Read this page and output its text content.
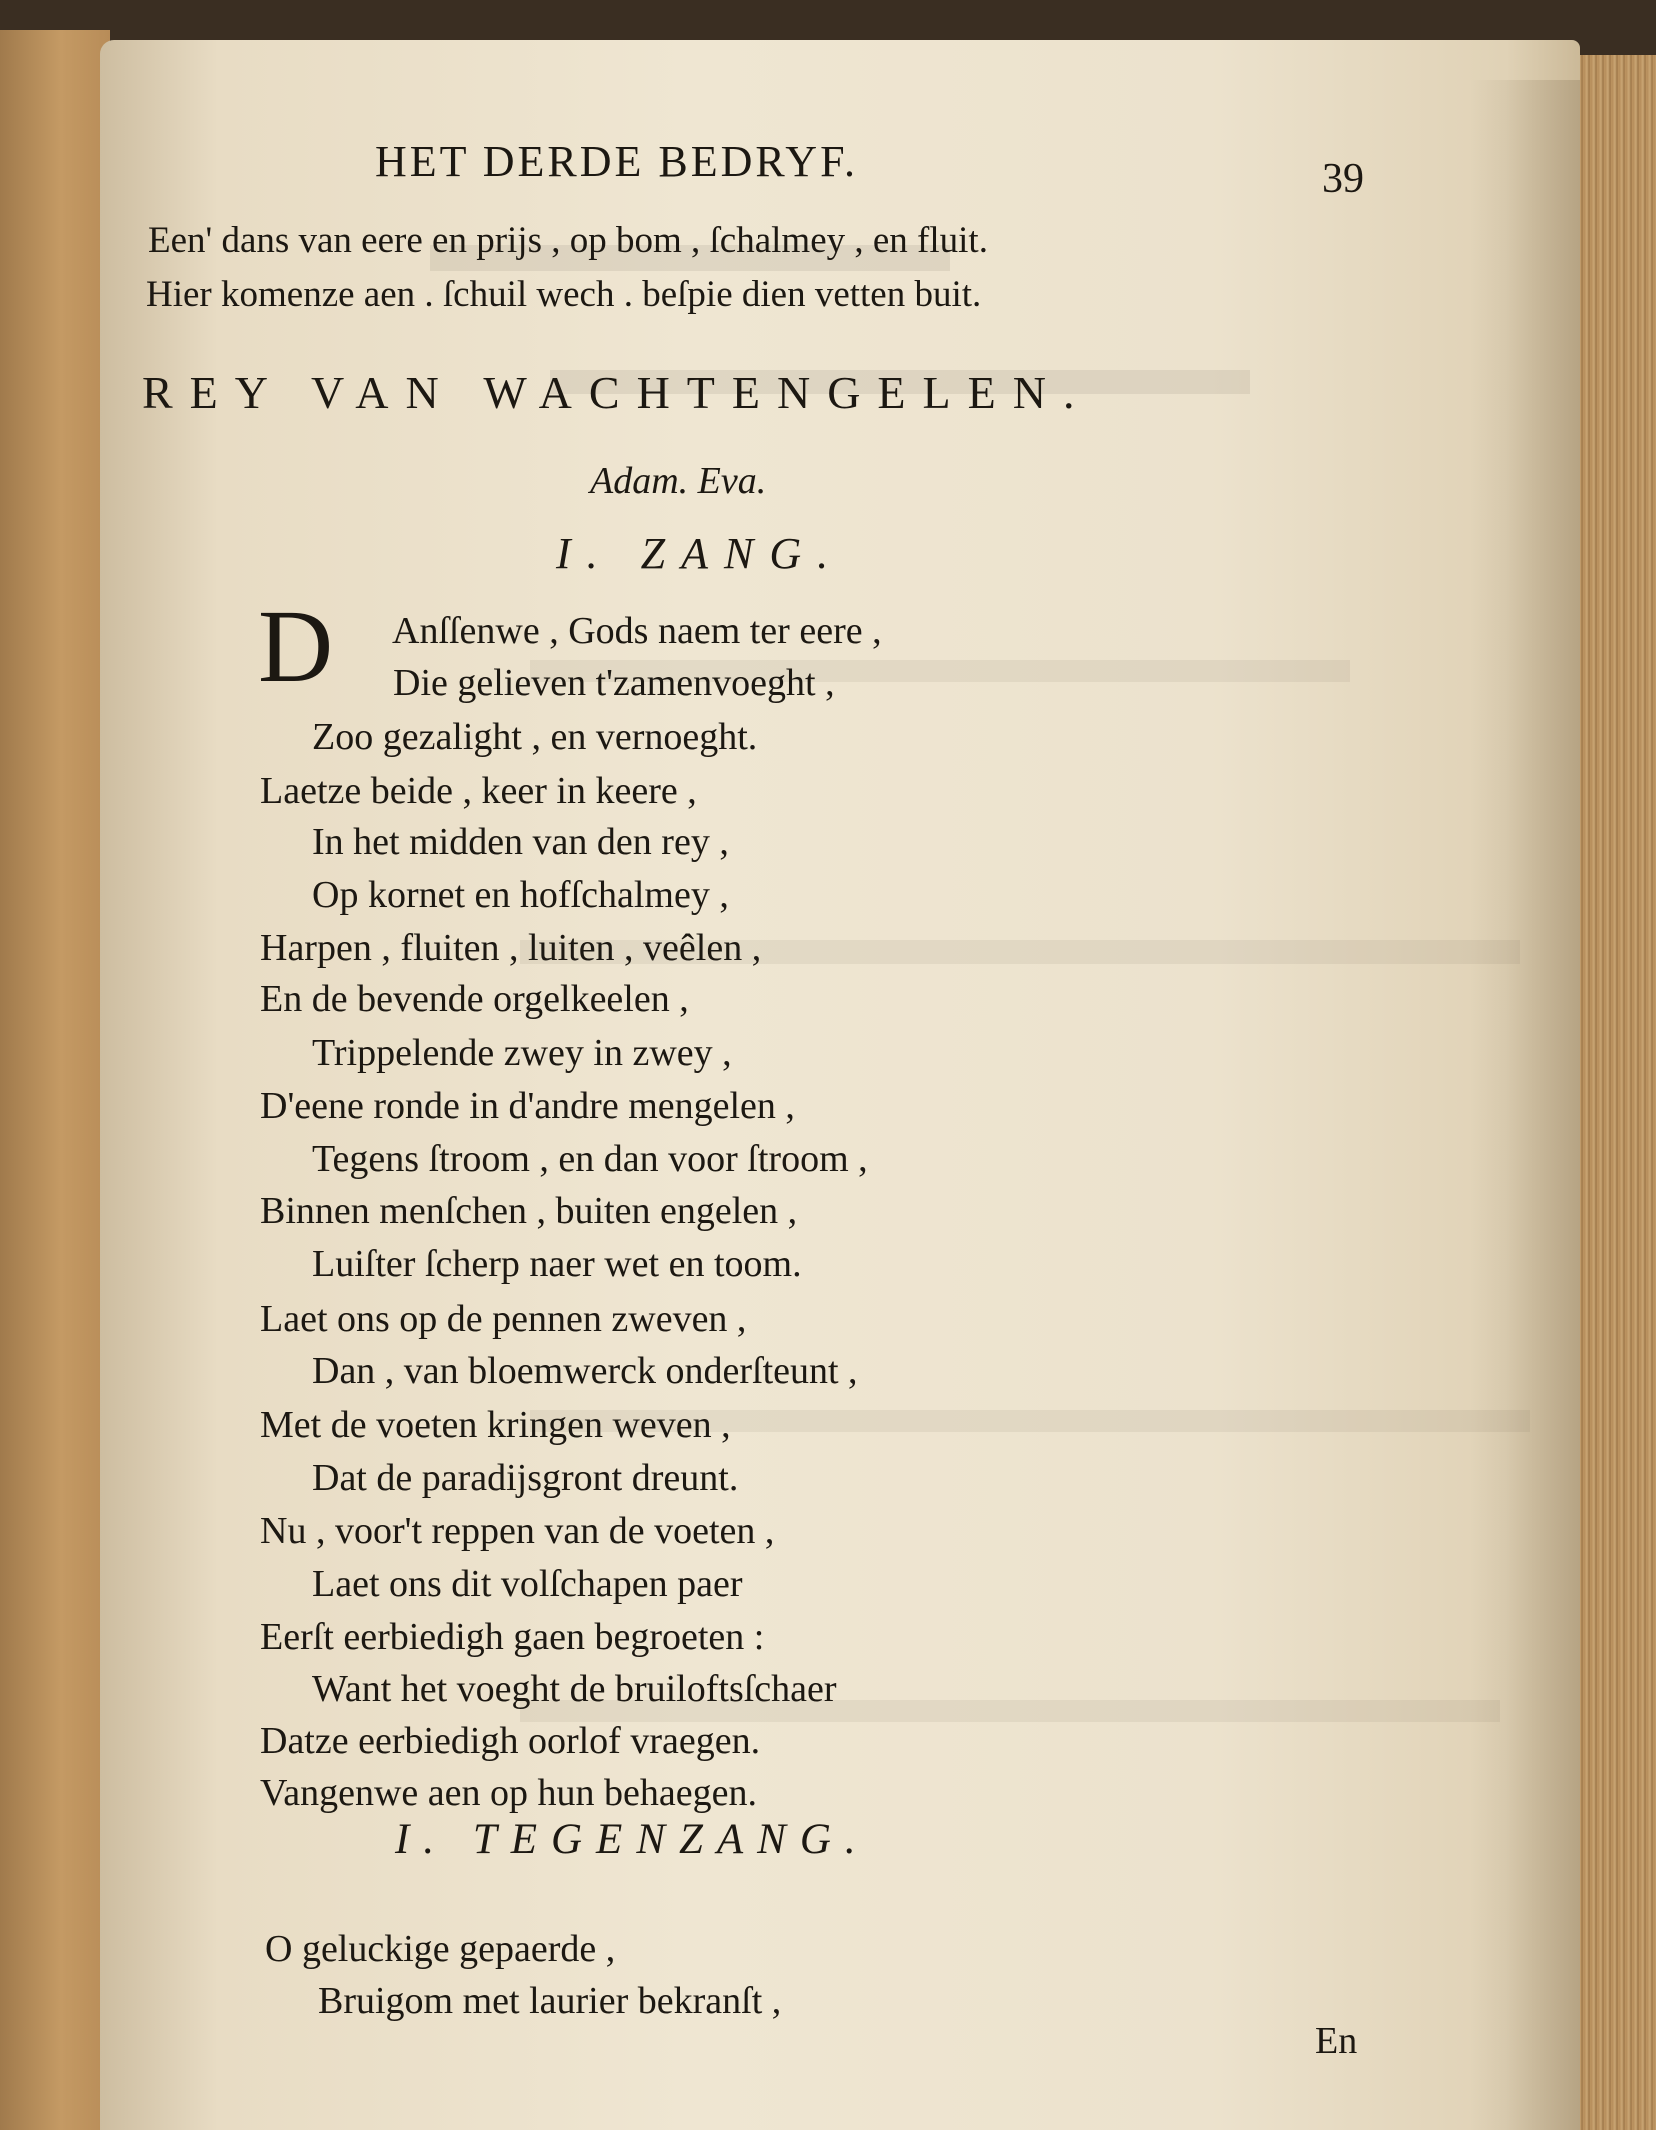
HET DERDE BEDRYF.	39
Een' dans van eere en prijs , op bom , ſchalmey , en fluit.
Hier komenze aen . ſchuil wech . beſpie dien vetten buit.
REY VAN WACHTENGELEN.
Adam. Eva.
I. ZANG.
D Anſſenwe , Gods naem ter eere ,
Die gelieven t'zamenvoeght ,
Zoo gezalight , en vernoeght.
Laetze beide , keer in keere ,
In het midden van den rey ,
Op kornet en hofſchalmey ,
Harpen , fluiten , luiten , veêlen ,
En de bevende orgelkeelen ,
Trippelende zwey in zwey ,
D'eene ronde in d'andre mengelen ,
Tegens ſtroom , en dan voor ſtroom ,
Binnen menſchen , buiten engelen ,
Luiſter ſcherp naer wet en toom.
Laet ons op de pennen zweven ,
Dan , van bloemwerck onderſteunt ,
Met de voeten kringen weven ,
Dat de paradijsgront dreunt.
Nu , voor't reppen van de voeten ,
Laet ons dit volſchapen paer
Eerſt eerbiedigh gaen begroeten :
Want het voeght de bruiloftsſchaer
Datze eerbiedigh oorlof vraegen.
Vangenwe aen op hun behaegen.
I. TEGENZANG.
O geluckige gepaerde ,
Bruigom met laurier bekranſt ,
En
